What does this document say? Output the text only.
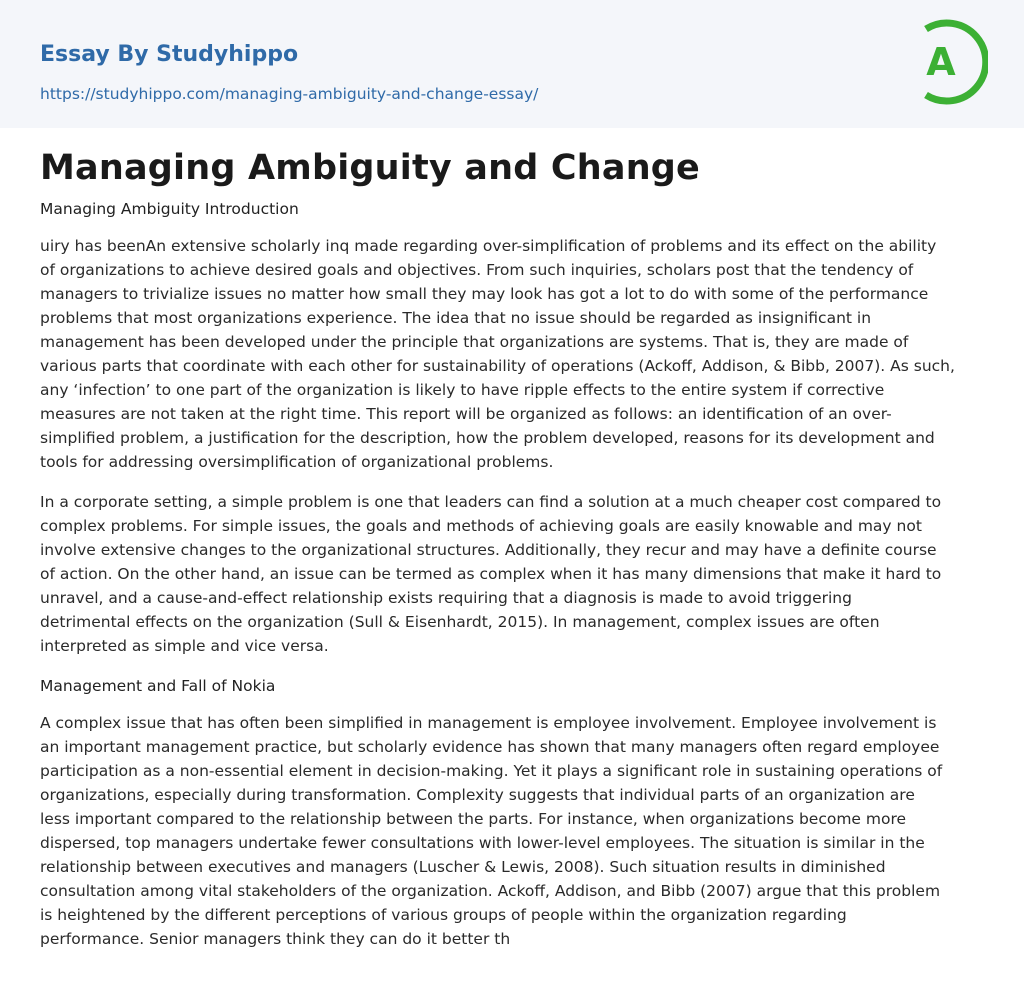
Essay By Studyhippo
https://studyhippo.com/managing-ambiguity-and-change-essay/
A
Managing Ambiguity and Change

Managing Ambiguity Introduction

uiry has beenAn extensive scholarly inq made regarding over-simplification of problems and its effect on the ability
of organizations to achieve desired goals and objectives. From such inquiries, scholars post that the tendency of
managers to trivialize issues no matter how small they may look has got a lot to do with some of the performance
problems that most organizations experience. The idea that no issue should be regarded as insignificant in
management has been developed under the principle that organizations are systems. That is, they are made of
various parts that coordinate with each other for sustainability of operations (Ackoff, Addison, & Bibb, 2007). As such,
any ‘infection’ to one part of the organization is likely to have ripple effects to the entire system if corrective
measures are not taken at the right time. This report will be organized as follows: an identification of an over-
simplified problem, a justification for the description, how the problem developed, reasons for its development and
tools for addressing oversimplification of organizational problems.
In a corporate setting, a simple problem is one that leaders can find a solution at a much cheaper cost compared to
complex problems. For simple issues, the goals and methods of achieving goals are easily knowable and may not
involve extensive changes to the organizational structures. Additionally, they recur and may have a definite course
of action. On the other hand, an issue can be termed as complex when it has many dimensions that make it hard to
unravel, and a cause-and-effect relationship exists requiring that a diagnosis is made to avoid triggering
detrimental effects on the organization (Sull & Eisenhardt, 2015). In management, complex issues are often
interpreted as simple and vice versa.

Management and Fall of Nokia

A complex issue that has often been simplified in management is employee involvement. Employee involvement is
an important management practice, but scholarly evidence has shown that many managers often regard employee
participation as a non-essential element in decision-making. Yet it plays a significant role in sustaining operations of
organizations, especially during transformation. Complexity suggests that individual parts of an organization are
less important compared to the relationship between the parts. For instance, when organizations become more
dispersed, top managers undertake fewer consultations with lower-level employees. The situation is similar in the
relationship between executives and managers (Luscher & Lewis, 2008). Such situation results in diminished
consultation among vital stakeholders of the organization. Ackoff, Addison, and Bibb (2007) argue that this problem
is heightened by the different perceptions of various groups of people within the organization regarding
performance. Senior managers think they can do it better th
